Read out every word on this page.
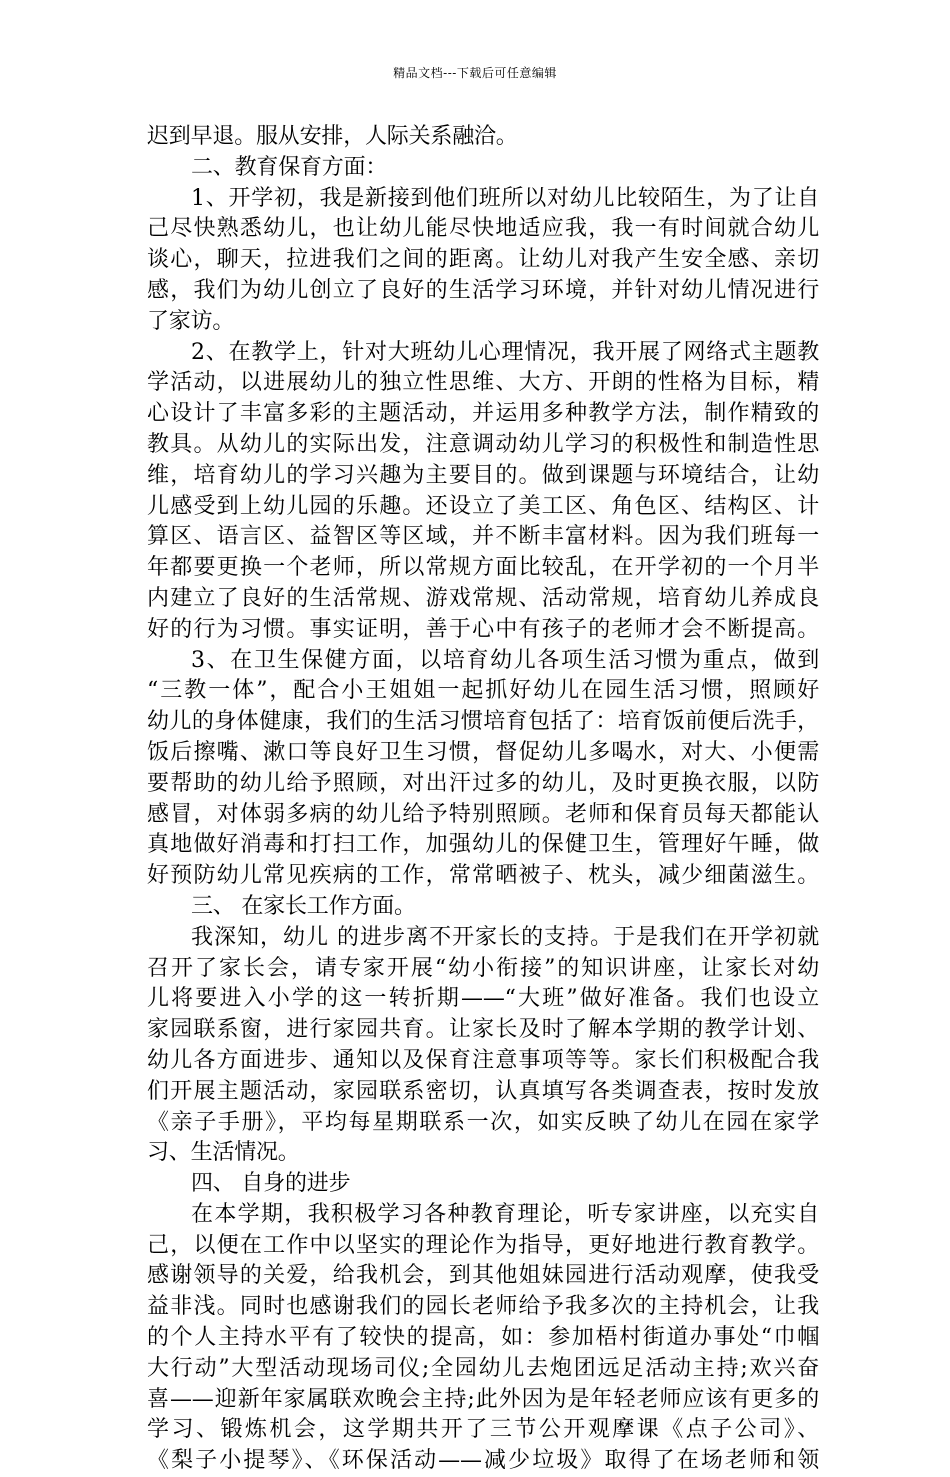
精品文档---下载后可任意编辑
迟到早退。服从安排，人际关系融洽。
二、教育保育方面：
1、开学初，我是新接到他们班所以对幼儿比较陌生，为了让自
己尽快熟悉幼儿，也让幼儿能尽快地适应我，我一有时间就合幼儿
谈心，聊天，拉进我们之间的距离。让幼儿对我产生安全感、亲切
感，我们为幼儿创立了良好的生活学习环境，并针对幼儿情况进行
了家访。
2、在教学上，针对大班幼儿心理情况，我开展了网络式主题教
学活动，以进展幼儿的独立性思维、大方、开朗的性格为目标，精
心设计了丰富多彩的主题活动，并运用多种教学方法，制作精致的
教具。从幼儿的实际出发，注意调动幼儿学习的积极性和制造性思
维，培育幼儿的学习兴趣为主要目的。做到课题与环境结合，让幼
儿感受到上幼儿园的乐趣。还设立了美工区、角色区、结构区、计
算区、语言区、益智区等区域，并不断丰富材料。因为我们班每一
年都要更换一个老师，所以常规方面比较乱，在开学初的一个月半
内建立了良好的生活常规、游戏常规、活动常规，培育幼儿养成良
好的行为习惯。事实证明，善于心中有孩子的老师才会不断提高。
3、在卫生保健方面，以培育幼儿各项生活习惯为重点，做到
“三教一体”，配合小王姐姐一起抓好幼儿在园生活习惯，照顾好
幼儿的身体健康，我们的生活习惯培育包括了：培育饭前便后洗手，
饭后擦嘴、漱口等良好卫生习惯，督促幼儿多喝水，对大、小便需
要帮助的幼儿给予照顾，对出汗过多的幼儿，及时更换衣服，以防
感冒，对体弱多病的幼儿给予特别照顾。老师和保育员每天都能认
真地做好消毒和打扫工作，加强幼儿的保健卫生，管理好午睡，做
好预防幼儿常见疾病的工作，常常晒被子、枕头，减少细菌滋生。
三、 在家长工作方面。
我深知，幼儿 的进步离不开家长的支持。于是我们在开学初就
召开了家长会，请专家开展“幼小衔接”的知识讲座，让家长对幼
儿将要进入小学的这一转折期——“大班”做好准备。我们也设立
家园联系窗，进行家园共育。让家长及时了解本学期的教学计划、
幼儿各方面进步、通知以及保育注意事项等等。家长们积极配合我
们开展主题活动，家园联系密切，认真填写各类调查表，按时发放
《亲子手册》，平均每星期联系一次，如实反映了幼儿在园在家学
习、生活情况。
四、 自身的进步
在本学期，我积极学习各种教育理论，听专家讲座，以充实自
己，以便在工作中以坚实的理论作为指导，更好地进行教育教学。
感谢领导的关爱，给我机会，到其他姐妹园进行活动观摩，使我受
益非浅。同时也感谢我们的园长老师给予我多次的主持机会，让我
的个人主持水平有了较快的提高，如：参加梧村街道办事处“巾帼
大行动”大型活动现场司仪;全园幼儿去炮团远足活动主持;欢兴奋
喜——迎新年家属联欢晚会主持;此外因为是年轻老师应该有更多的
学习、锻炼机会，这学期共开了三节公开观摩课《点子公司》、
《梨子小提琴》、《环保活动——减少垃圾》取得了在场老师和领
